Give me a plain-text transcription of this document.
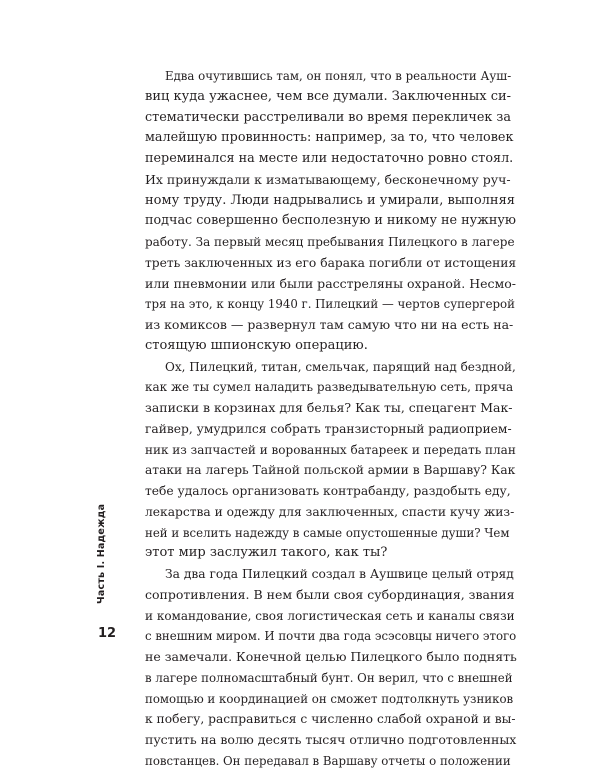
Едва очутившись там, он понял, что в реальности Ауш-
виц куда ужаснее, чем все думали. Заключенных си-
стематически расстреливали во время перекличек за
малейшую провинность: например, за то, что человек
переминался на месте или недостаточно ровно стоял.
Их принуждали к изматывающему, бесконечному руч-
ному труду. Люди надрывались и умирали, выполняя
подчас совершенно бесполезную и никому не нужную
работу. За первый месяц пребывания Пилецкого в лагере
треть заключенных из его барака погибли от истощения
или пневмонии или были расстреляны охраной. Несмо-
тря на это, к концу 1940 г. Пилецкий — чертов супергерой
из комиксов — развернул там самую что ни на есть на-
стоящую шпионскую операцию.

Ох, Пилецкий, титан, смельчак, парящий над бездной,
как же ты сумел наладить разведывательную сеть, пряча
записки в корзинах для белья? Как ты, спецагент Мак-
гайвер, умудрился собрать транзисторный радиоприем-
ник из запчастей и ворованных батареек и передать план
атаки на лагерь Тайной польской армии в Варшаву? Как
тебе удалось организовать контрабанду, раздобыть еду,
лекарства и одежду для заключенных, спасти кучу жиз-
ней и вселить надежду в самые опустошенные души? Чем
этот мир заслужил такого, как ты?

За два года Пилецкий создал в Аушвице целый отряд
сопротивления. В нем были своя субординация, звания
и командование, своя логистическая сеть и каналы связи
с внешним миром. И почти два года эсэсовцы ничего этого
не замечали. Конечной целью Пилецкого было поднять
в лагере полномасштабный бунт. Он верил, что с внешней
помощью и координацией он сможет подтолкнуть узников
к побегу, расправиться с численно слабой охраной и вы-
пустить на волю десять тысяч отлично подготовленных
повстанцев. Он передавал в Варшаву отчеты о положении

Часть I. Надежда
12
